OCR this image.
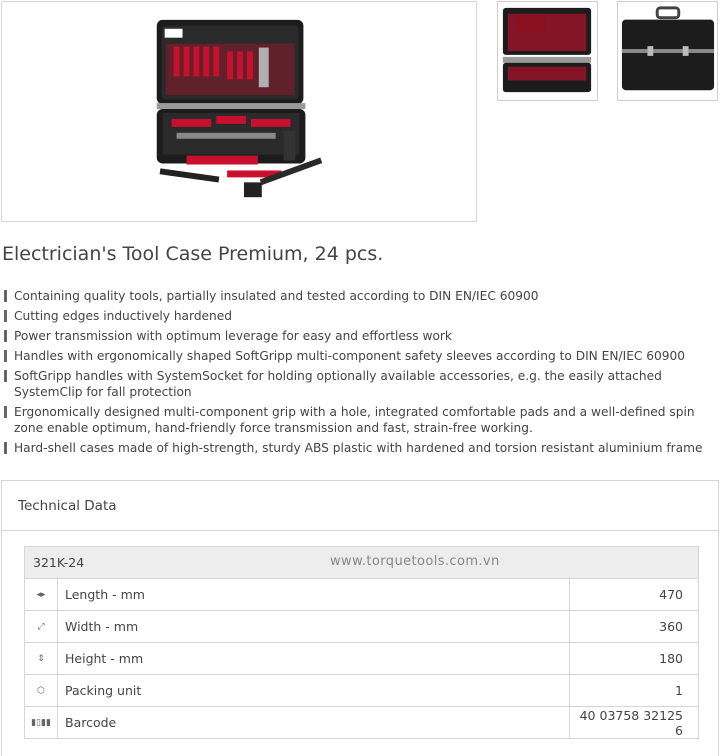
Electrician's Tool Case Premium, 24 pcs.
Containing quality tools, partially insulated and tested according to DIN EN/IEC 60900
Cutting edges inductively hardened
Power transmission with optimum leverage for easy and effortless work
Handles with ergonomically shaped SoftGripp multi-component safety sleeves according to DIN EN/IEC 60900
SoftGripp handles with SystemSocket for holding optionally available accessories, e.g. the easily attached SystemClip for fall protection
Ergonomically designed multi-component grip with a hole, integrated comfortable pads and a well-defined spin zone enable optimum, hand-friendly force transmission and fast, strain-free working.
Hard-shell cases made of high-strength, sturdy ABS plastic with hardened and torsion resistant aluminium frame
Technical Data
321K-24 www.torquetools.com.vn		

◂▸	Length - mm	470
⤢	Width - mm	360
⇕	Height - mm	180
⬡	Packing unit	1
▮▯▮▮	Barcode	40 03758 32125 6
